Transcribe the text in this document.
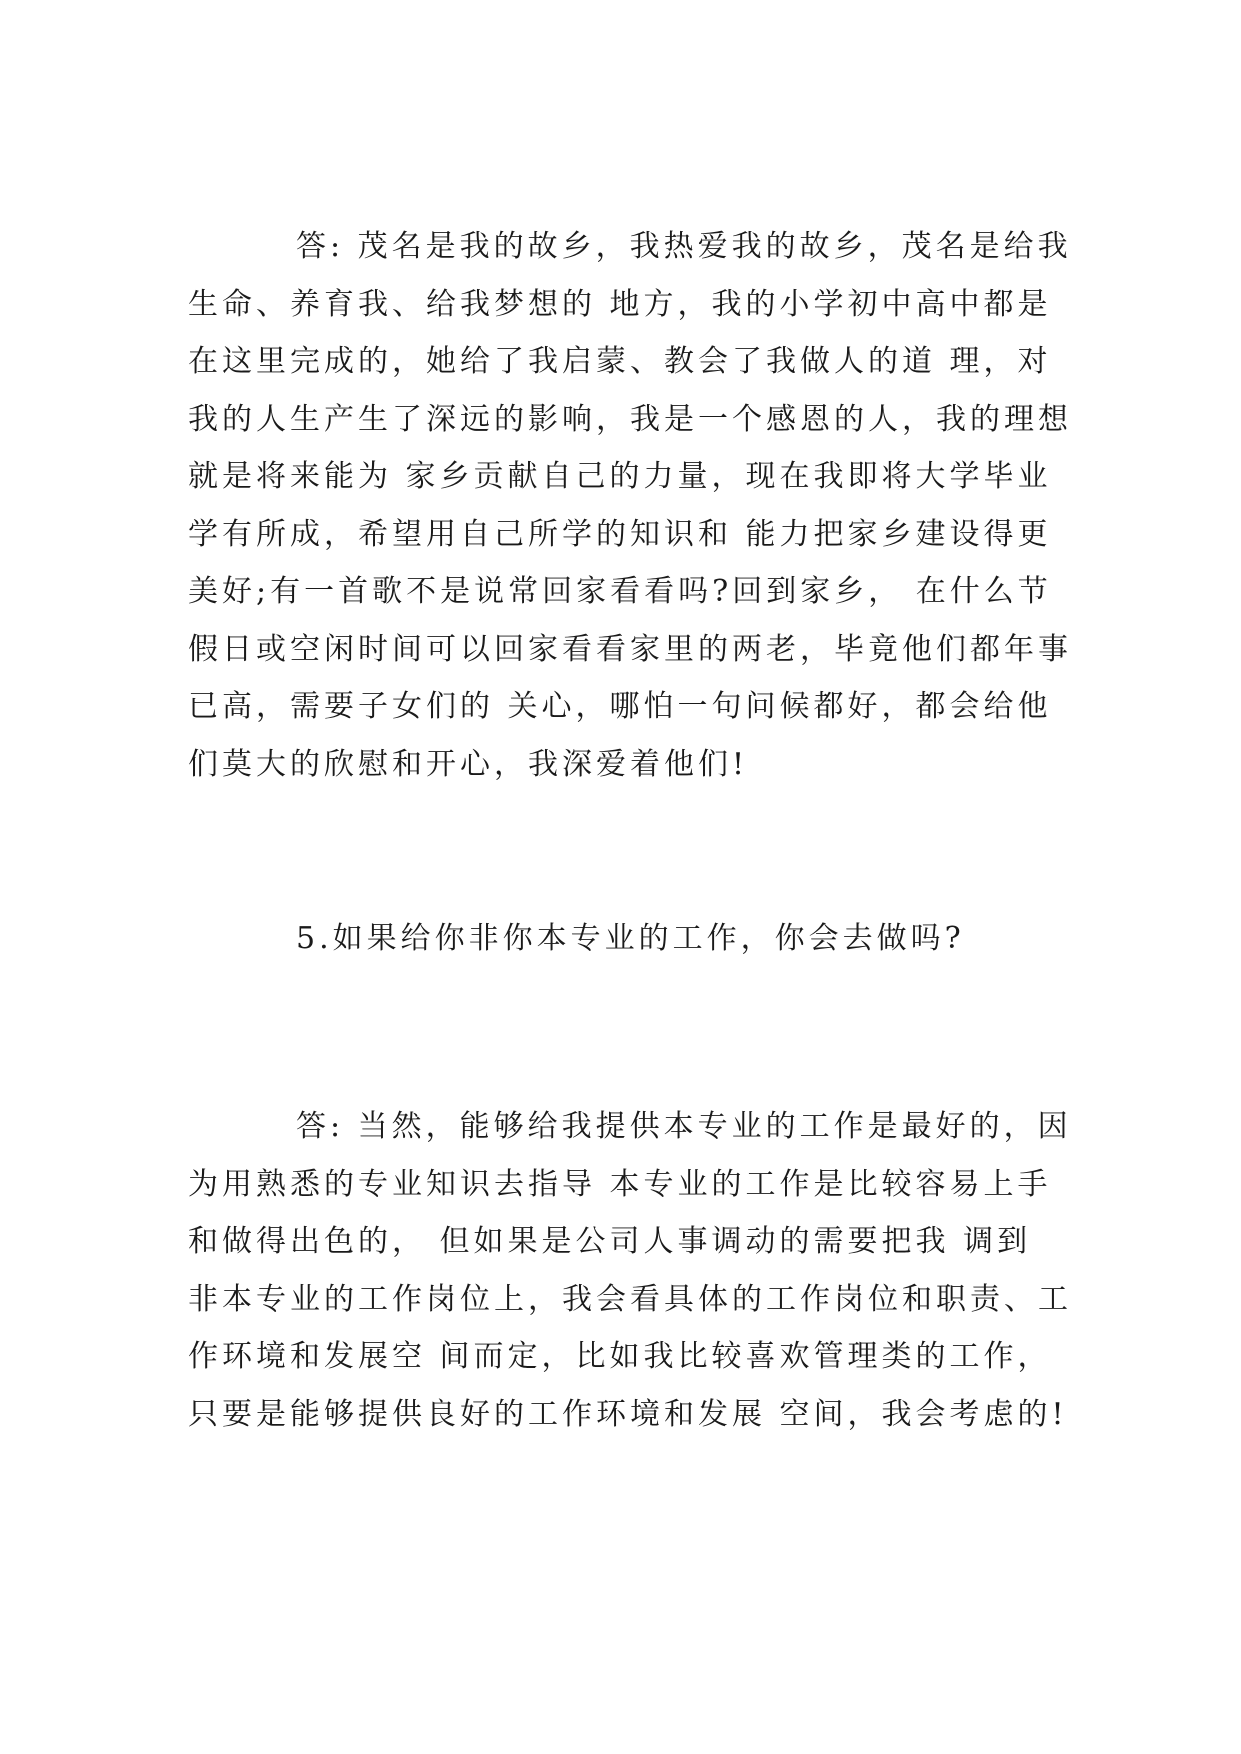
答: 茂名是我的故乡，我热爱我的故乡，茂名是给我
生命、养育我、给我梦想的 地方，我的小学初中高中都是
在这里完成的，她给了我启蒙、教会了我做人的道 理，对
我的人生产生了深远的影响，我是一个感恩的人，我的理想
就是将来能为 家乡贡献自己的力量，现在我即将大学毕业
学有所成，希望用自己所学的知识和 能力把家乡建设得更
美好;有一首歌不是说常回家看看吗?回到家乡， 在什么节
假日或空闲时间可以回家看看家里的两老，毕竟他们都年事
已高，需要子女们的 关心，哪怕一句问候都好，都会给他
们莫大的欣慰和开心，我深爱着他们!
5.如果给你非你本专业的工作，你会去做吗?
答: 当然，能够给我提供本专业的工作是最好的，因
为用熟悉的专业知识去指导 本专业的工作是比较容易上手
和做得出色的， 但如果是公司人事调动的需要把我 调到
非本专业的工作岗位上，我会看具体的工作岗位和职责、工
作环境和发展空 间而定，比如我比较喜欢管理类的工作，
只要是能够提供良好的工作环境和发展 空间，我会考虑的!
